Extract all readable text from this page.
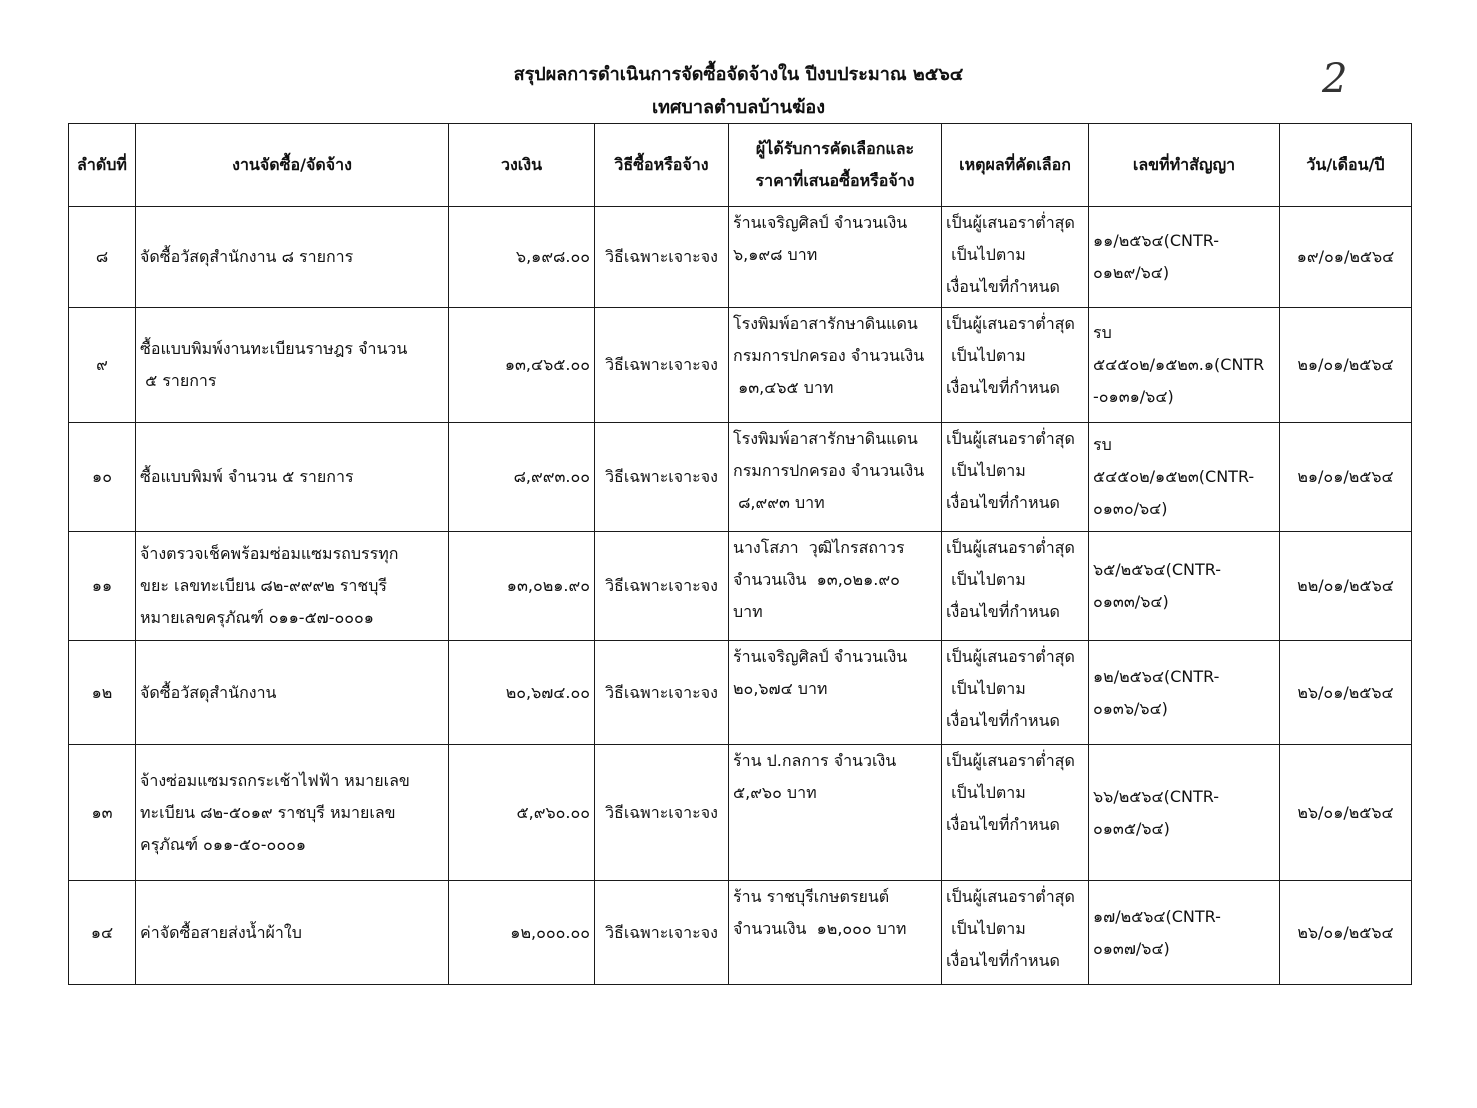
สรุปผลการดำเนินการจัดซื้อจัดจ้างใน ปีงบประมาณ ๒๕๖๔
เทศบาลตำบลบ้านฆ้อง
2
ลำดับที่	งานจัดซื้อ/จัดจ้าง	วงเงิน	วิธีซื้อหรือจ้าง	ผู้ได้รับการคัดเลือกและ
ราคาที่เสนอซื้อหรือจ้าง	เหตุผลที่คัดเลือก	เลขที่ทำสัญญา	วัน/เดือน/ปี
๘	จัดซื้อวัสดุสำนักงาน ๘ รายการ	๖,๑๙๘.๐๐	วิธีเฉพาะเจาะจง	ร้านเจริญศิลป์ จำนวนเงิน
๖,๑๙๘ บาท	เป็นผู้เสนอราต่ำสุด
เป็นไปตาม
เงื่อนไขที่กำหนด	๑๑/๒๕๖๔(CNTR-
๐๑๒๙/๖๔)	๑๙/๐๑/๒๕๖๔
๙	ซื้อแบบพิมพ์งานทะเบียนราษฎร จำนวน
๕ รายการ	๑๓,๔๖๕.๐๐	วิธีเฉพาะเจาะจง	โรงพิมพ์อาสารักษาดินแดน
กรมการปกครอง จำนวนเงิน
๑๓,๔๖๕ บาท	เป็นผู้เสนอราต่ำสุด
เป็นไปตาม
เงื่อนไขที่กำหนด	รบ
๕๔๕๐๒/๑๕๒๓.๑(CNTR
-๐๑๓๑/๖๔)	๒๑/๐๑/๒๕๖๔
๑๐	ซื้อแบบพิมพ์ จำนวน ๕ รายการ	๘,๙๙๓.๐๐	วิธีเฉพาะเจาะจง	โรงพิมพ์อาสารักษาดินแดน
กรมการปกครอง จำนวนเงิน
๘,๙๙๓ บาท	เป็นผู้เสนอราต่ำสุด
เป็นไปตาม
เงื่อนไขที่กำหนด	รบ
๕๔๕๐๒/๑๕๒๓(CNTR-
๐๑๓๐/๖๔)	๒๑/๐๑/๒๕๖๔
๑๑	จ้างตรวจเช็คพร้อมซ่อมแซมรถบรรทุก
ขยะ เลขทะเบียน ๘๒-๙๙๙๒ ราชบุรี
หมายเลขครุภัณฑ์ ๐๑๑-๕๗-๐๐๐๑	๑๓,๐๒๑.๙๐	วิธีเฉพาะเจาะจง	นางโสภา  วุฒิไกรสถาวร
จำนวนเงิน  ๑๓,๐๒๑.๙๐
บาท	เป็นผู้เสนอราต่ำสุด
เป็นไปตาม
เงื่อนไขที่กำหนด	๖๕/๒๕๖๔(CNTR-
๐๑๓๓/๖๔)	๒๒/๐๑/๒๕๖๔
๑๒	จัดซื้อวัสดุสำนักงาน	๒๐,๖๗๔.๐๐	วิธีเฉพาะเจาะจง	ร้านเจริญศิลป์ จำนวนเงิน
๒๐,๖๗๔ บาท	เป็นผู้เสนอราต่ำสุด
เป็นไปตาม
เงื่อนไขที่กำหนด	๑๒/๒๕๖๔(CNTR-
๐๑๓๖/๖๔)	๒๖/๐๑/๒๕๖๔
๑๓	จ้างซ่อมแซมรถกระเช้าไฟฟ้า หมายเลข
ทะเบียน ๘๒-๕๐๑๙ ราชบุรี หมายเลข
ครุภัณฑ์ ๐๑๑-๕๐-๐๐๐๑	๕,๙๖๐.๐๐	วิธีเฉพาะเจาะจง	ร้าน ป.กลการ จำนวเงิน
๕,๙๖๐ บาท	เป็นผู้เสนอราต่ำสุด
เป็นไปตาม
เงื่อนไขที่กำหนด	๖๖/๒๕๖๔(CNTR-
๐๑๓๕/๖๔)	๒๖/๐๑/๒๕๖๔
๑๔	ค่าจัดซื้อสายส่งน้ำผ้าใบ	๑๒,๐๐๐.๐๐	วิธีเฉพาะเจาะจง	ร้าน ราชบุรีเกษตรยนต์
จำนวนเงิน  ๑๒,๐๐๐ บาท	เป็นผู้เสนอราต่ำสุด
เป็นไปตาม
เงื่อนไขที่กำหนด	๑๗/๒๕๖๔(CNTR-
๐๑๓๗/๖๔)	๒๖/๐๑/๒๕๖๔
